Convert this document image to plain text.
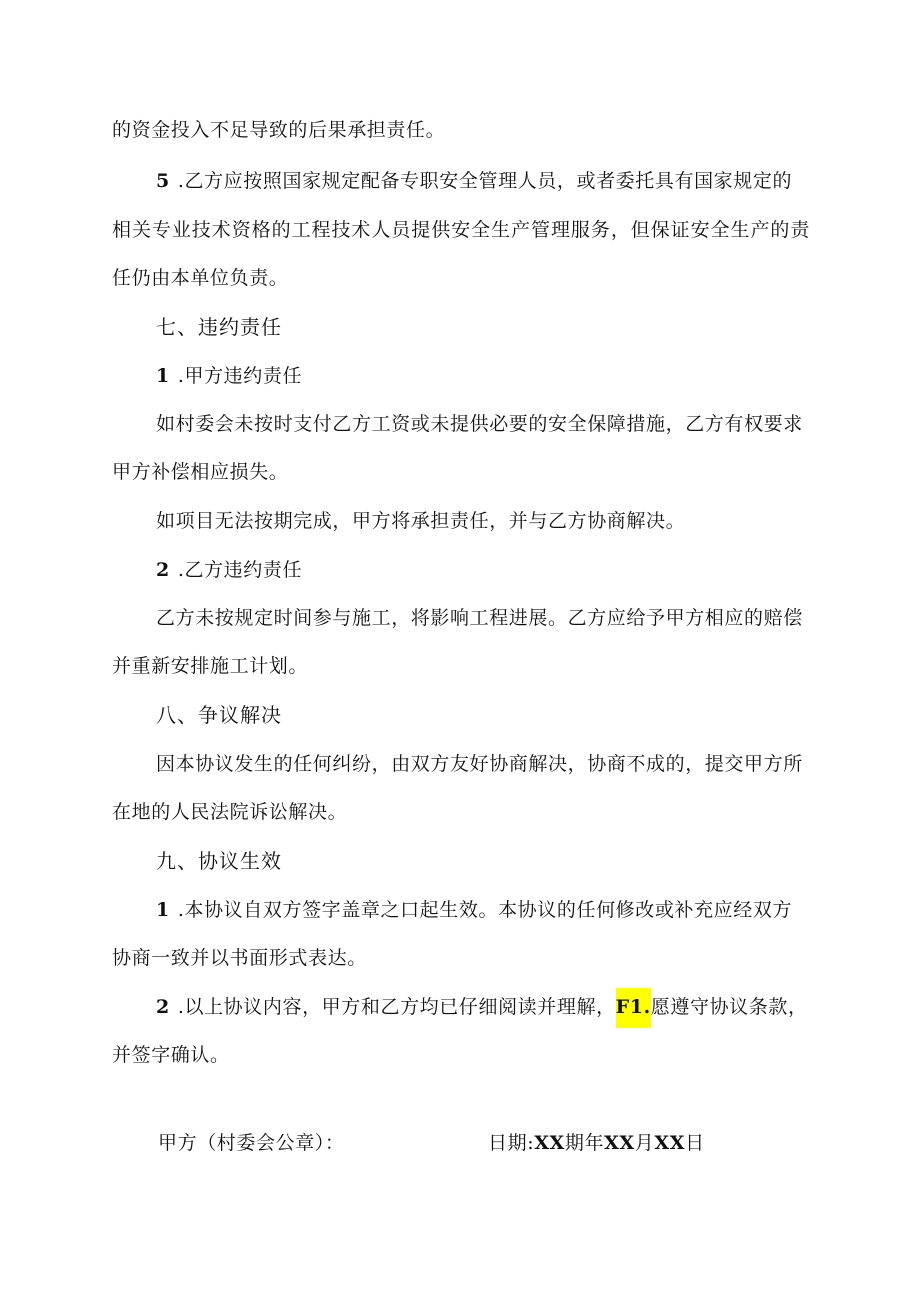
的资金投入不足导致的后果承担责任。
5 .乙方应按照国家规定配备专职安全管理人员，或者委托具有国家规定的
相关专业技术资格的工程技术人员提供安全生产管理服务，但保证安全生产的责
任仍由本单位负责。
七、违约责任
1 .甲方违约责任
如村委会未按时支付乙方工资或未提供必要的安全保障措施，乙方有权要求
甲方补偿相应损失。
如项目无法按期完成，甲方将承担责任，并与乙方协商解决。
2 .乙方违约责任
乙方未按规定时间参与施工，将影响工程进展。乙方应给予甲方相应的赔偿
并重新安排施工计划。
八、争议解决
因本协议发生的任何纠纷，由双方友好协商解决，协商不成的，提交甲方所
在地的人民法院诉讼解决。
九、协议生效
1 .本协议自双方签字盖章之口起生效。本协议的任何修改或补充应经双方
协商一致并以书面形式表达。
2 .以上协议内容，甲方和乙方均已仔细阅读并理解，F1.愿遵守协议条款，
并签字确认。
甲方（村委会公章）：	日期:XX期年XX月XX日
